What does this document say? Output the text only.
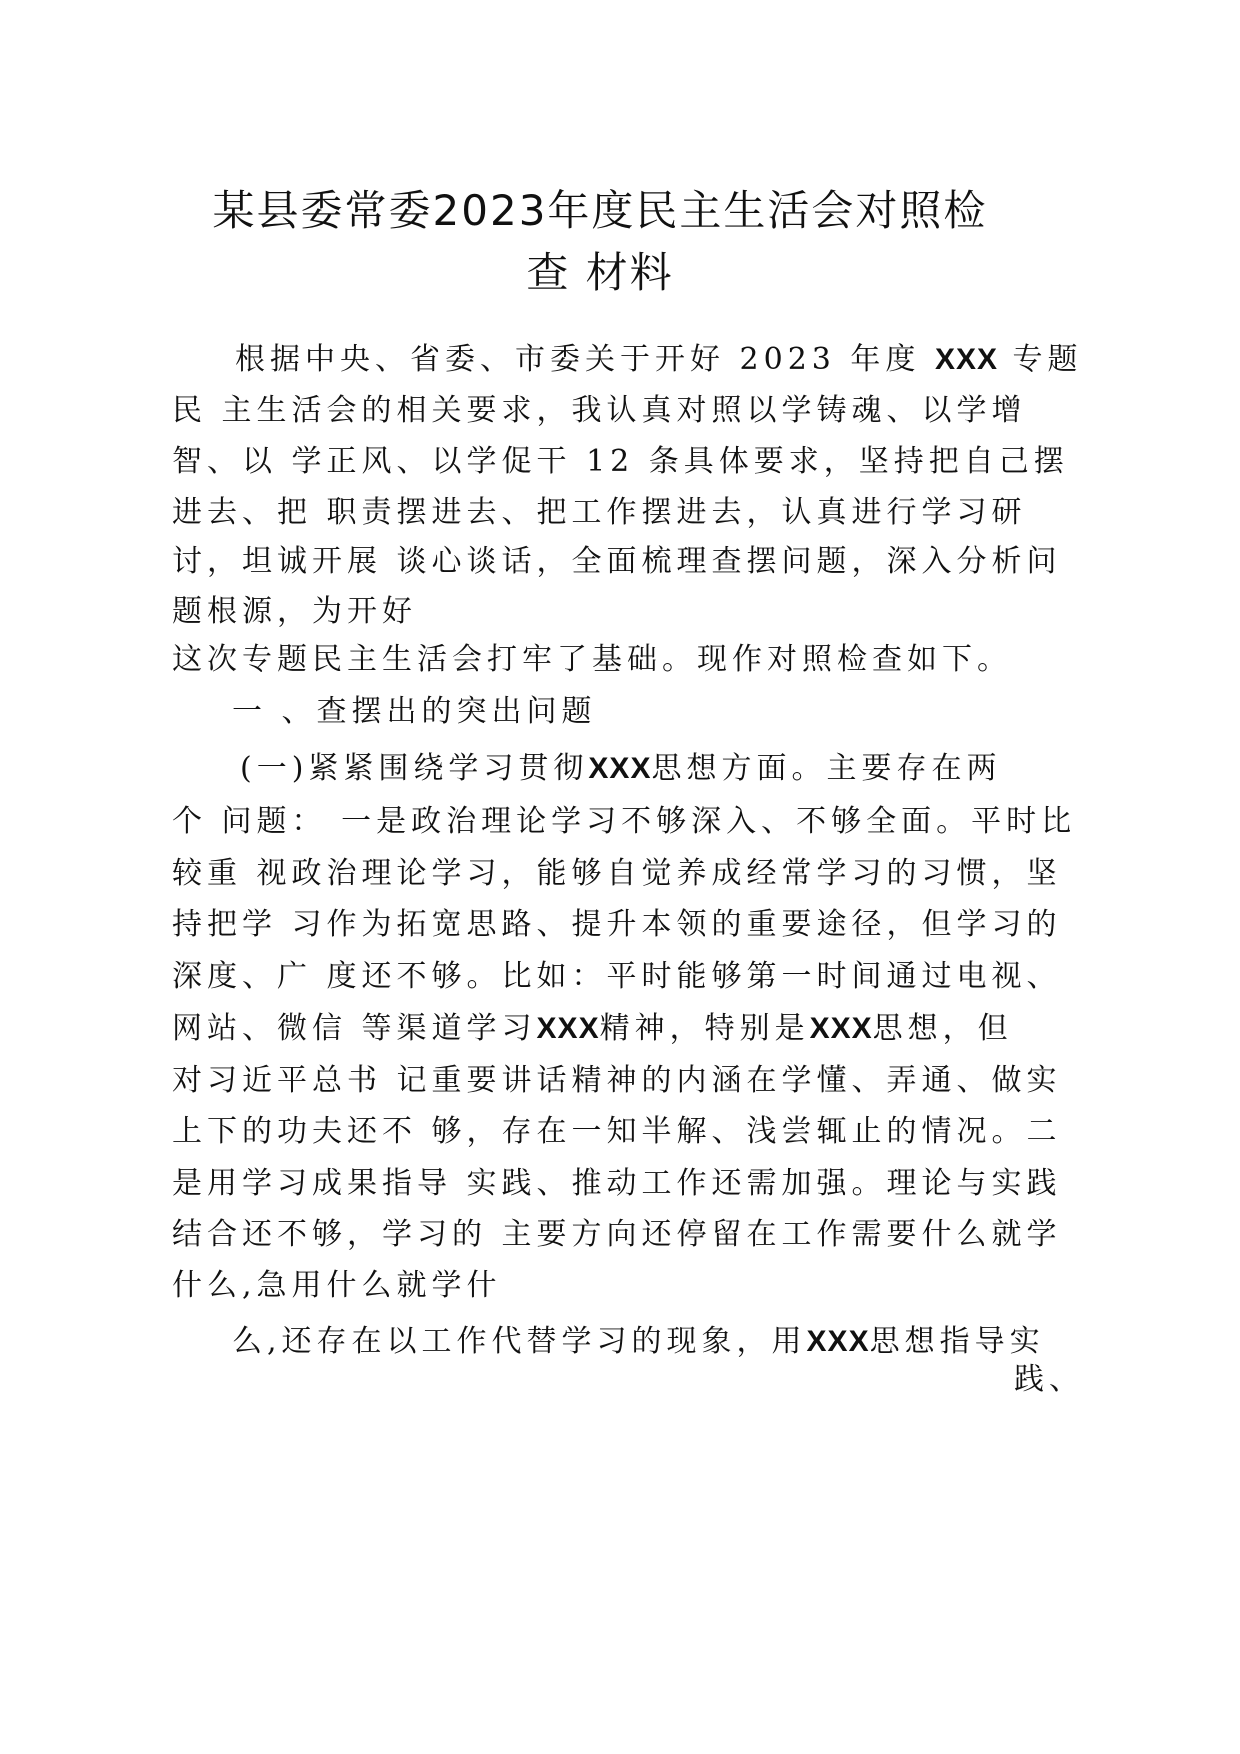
某县委常委2023年度民主生活会对照检
查 材料
根据中央、省委、市委关于开好 2023 年度 XXX 专题
民 主生活会的相关要求，我认真对照以学铸魂、以学增
智、以 学正风、以学促干 12 条具体要求，坚持把自己摆
进去、把 职责摆进去、把工作摆进去，认真进行学习研
讨，坦诚开展 谈心谈话，全面梳理查摆问题，深入分析问
题根源，为开好
这次专题民主生活会打牢了基础。现作对照检查如下。
一 、查摆出的突出问题
(一)紧紧围绕学习贯彻XXX思想方面。主要存在两
个 问题： 一是政治理论学习不够深入、不够全面。平时比
较重 视政治理论学习，能够自觉养成经常学习的习惯，坚
持把学 习作为拓宽思路、提升本领的重要途径，但学习的
深度、广 度还不够。比如：平时能够第一时间通过电视、
网站、微信 等渠道学习XXX精神，特别是XXX思想，但
对习近平总书 记重要讲话精神的内涵在学懂、弄通、做实
上下的功夫还不 够，存在一知半解、浅尝辄止的情况。二
是用学习成果指导 实践、推动工作还需加强。理论与实践
结合还不够，学习的 主要方向还停留在工作需要什么就学
什么,急用什么就学什
么,还存在以工作代替学习的现象，用XXX思想指导实
践、
